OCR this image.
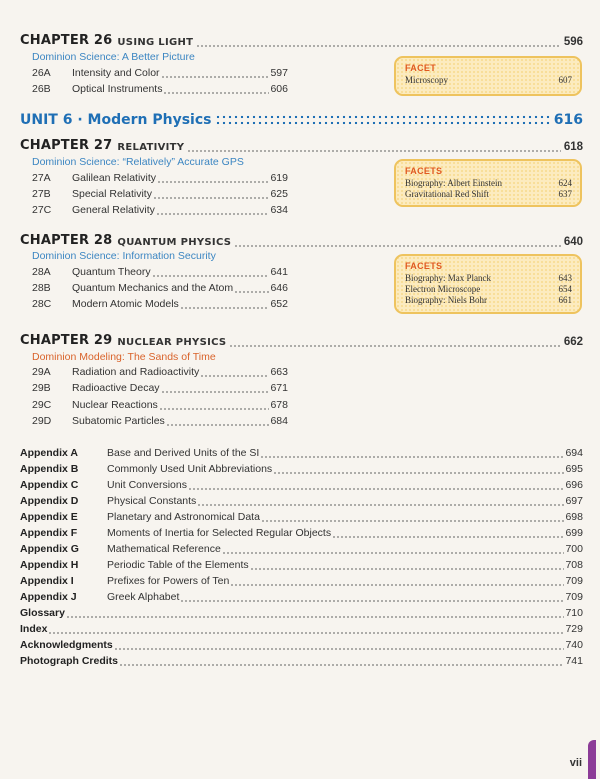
CHAPTER 26 USING LIGHT	596
Dominion Science: A Better Picture
26A	Intensity and Color	597
26B	Optical Instruments	606
FACET
Microscopy	607
UNIT 6 · Modern Physics	616
CHAPTER 27 RELATIVITY	618
Dominion Science: “Relatively” Accurate GPS
27A	Galilean Relativity	619
27B	Special Relativity	625
27C	General Relativity	634
FACETS
Biography: Albert Einstein	624
Gravitational Red Shift	637
CHAPTER 28 QUANTUM PHYSICS	640
Dominion Science: Information Security
28A	Quantum Theory	641
28B	Quantum Mechanics and the Atom	646
28C	Modern Atomic Models	652
FACETS
Biography: Max Planck	643
Electron Microscope	654
Biography: Niels Bohr	661
CHAPTER 29 NUCLEAR PHYSICS	662
Dominion Modeling: The Sands of Time
29A	Radiation and Radioactivity	663
29B	Radioactive Decay	671
29C	Nuclear Reactions	678
29D	Subatomic Particles	684
Appendix A	Base and Derived Units of the SI	694
Appendix B	Commonly Used Unit Abbreviations	695
Appendix C	Unit Conversions	696
Appendix D	Physical Constants	697
Appendix E	Planetary and Astronomical Data	698
Appendix F	Moments of Inertia for Selected Regular Objects	699
Appendix G	Mathematical Reference	700
Appendix H	Periodic Table of the Elements	708
Appendix I	Prefixes for Powers of Ten	709
Appendix J	Greek Alphabet	709
Glossary	710
Index	729
Acknowledgments	740
Photograph Credits	741
vii
